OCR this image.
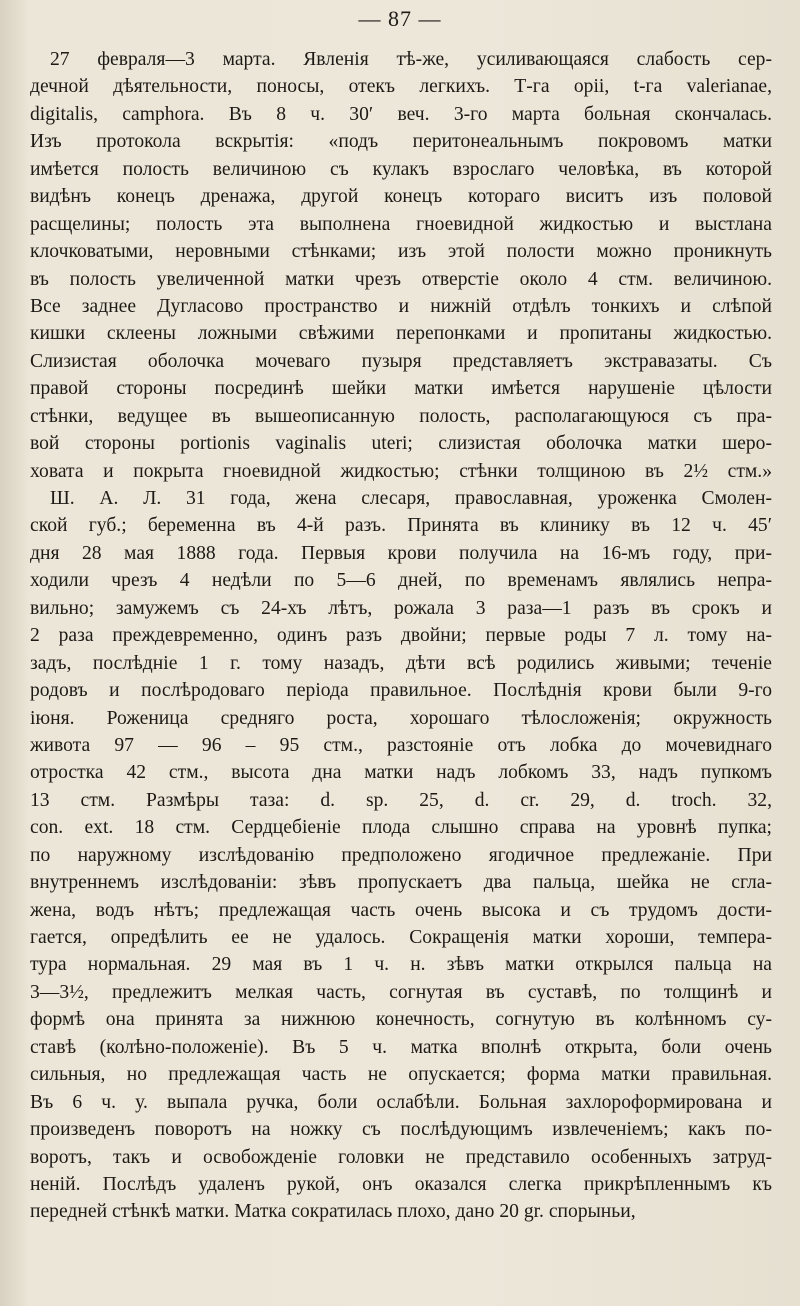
— 87 —
27 февраля—3 марта. Явленія тѣ-же, усиливающаяся слабость сер-
дечной дѣятельности, поносы, отекъ легкихъ. Т-га оріі, t-га valerianae,
digitalis, camphora. Въ 8 ч. 30′ веч. 3-го марта больная скончалась.
Изъ протокола вскрытія: «подъ перитонеальнымъ покровомъ матки
имѣется полость величиною съ кулакъ взрослаго человѣка, въ которой
видѣнъ конецъ дренажа, другой конецъ котораго виситъ изъ половой
расщелины; полость эта выполнена гноевидной жидкостью и выстлана
клочковатыми, неровными стѣнками; изъ этой полости можно проникнуть
въ полость увеличенной матки чрезъ отверстіе около 4 стм. величиною.
Все заднее Дугласово пространство и нижній отдѣлъ тонкихъ и слѣпой
кишки склеены ложными свѣжими перепонками и пропитаны жидкостью.
Слизистая оболочка мочеваго пузыря представляетъ экстравазаты. Съ
правой стороны посрединѣ шейки матки имѣется нарушеніе цѣлости
стѣнки, ведущее въ вышеописанную полость, располагающуюся съ пра-
вой стороны portionis vaginalis uteri; слизистая оболочка матки шеро-
ховата и покрыта гноевидной жидкостью; стѣнки толщиною въ 2½ стм.»
Ш. А. Л. 31 года, жена слесаря, православная, уроженка Смолен-
ской губ.; беременна въ 4-й разъ. Принята въ клинику въ 12 ч. 45′
дня 28 мая 1888 года. Первыя крови получила на 16-мъ году, при-
ходили чрезъ 4 недѣли по 5—6 дней, по временамъ являлись непра-
вильно; замужемъ съ 24-хъ лѣтъ, рожала 3 раза—1 разъ въ срокъ и
2 раза преждевременно, одинъ разъ двойни; первые роды 7 л. тому на-
задъ, послѣдніе 1 г. тому назадъ, дѣти всѣ родились живыми; теченіе
родовъ и послѣродоваго періода правильное. Послѣднія крови были 9-го
іюня. Роженица средняго роста, хорошаго тѣлосложенія; окружность
живота 97 — 96 – 95 стм., разстояніе отъ лобка до мочевиднаго
отростка 42 стм., высота дна матки надъ лобкомъ 33, надъ пупкомъ
13 стм. Размѣры таза: d. sp. 25, d. cr. 29, d. troch. 32,
con. ext. 18 стм. Сердцебіеніе плода слышно справа на уровнѣ пупка;
по наружному изслѣдованію предположено ягодичное предлежаніе. При
внутреннемъ изслѣдованіи: зѣвъ пропускаетъ два пальца, шейка не сгла-
жена, водъ нѣтъ; предлежащая часть очень высока и съ трудомъ дости-
гается, опредѣлить ее не удалось. Сокращенія матки хороши, темпера-
тура нормальная. 29 мая въ 1 ч. н. зѣвъ матки открылся пальца на
3—3½, предлежитъ мелкая часть, согнутая въ суставѣ, по толщинѣ и
формѣ она принята за нижнюю конечность, согнутую въ колѣнномъ су-
ставѣ (колѣно-положеніе). Въ 5 ч. матка вполнѣ открыта, боли очень
сильныя, но предлежащая часть не опускается; форма матки правильная.
Въ 6 ч. у. выпала ручка, боли ослабѣли. Больная захлороформирована и
произведенъ поворотъ на ножку съ послѣдующимъ извлеченіемъ; какъ по-
воротъ, такъ и освобожденіе головки не представило особенныхъ затруд-
неній. Послѣдъ удаленъ рукой, онъ оказался слегка прикрѣпленнымъ къ
передней стѣнкѣ матки. Матка сократилась плохо, дано 20 gr. спорыньи,
